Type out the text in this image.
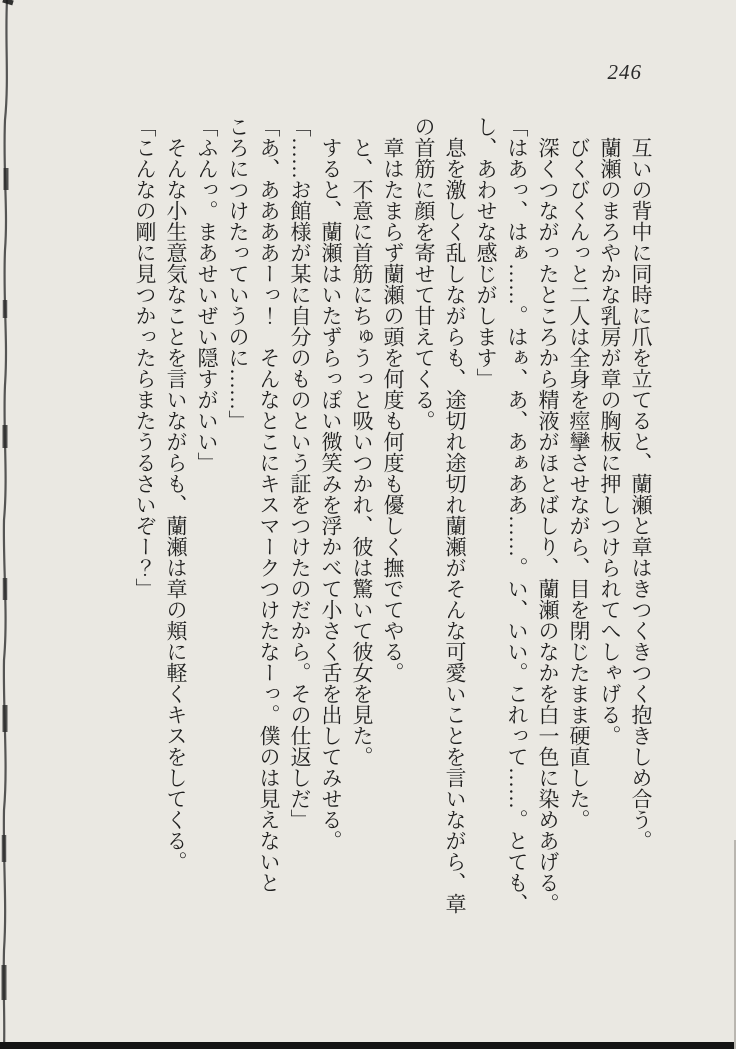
246

互いの背中に同時に爪を立てると、蘭瀬と章はきつくきつく抱きしめ合う。

蘭瀬のまろやかな乳房が章の胸板に押しつけられてへしゃげる。

びくびくんっと二人は全身を痙攣させながら、目を閉じたまま硬直した。

深くつながったところから精液がほとばしり、蘭瀬のなかを白一色に染めあげる。

「はあっ、はぁ……。はぁ、あ、あぁああ……。い、いい。これって……。とても、

し、あわせな感じがします」

息を激しく乱しながらも、途切れ途切れ蘭瀬がそんな可愛いことを言いながら、章

の首筋に顔を寄せて甘えてくる。

章はたまらず蘭瀬の頭を何度も何度も優しく撫でてやる。

と、不意に首筋にちゅうっと吸いつかれ、彼は驚いて彼女を見た。

すると、蘭瀬はいたずらっぽい微笑みを浮かべて小さく舌を出してみせる。

「……お館様が某に自分のものという証をつけたのだから。その仕返しだ」

「あ、ああああーっ！　そんなとこにキスマークつけたなーっ。僕のは見えないと

ころにつけたっていうのに……」

「ふんっ。まあせいぜい隠すがいい」

そんな小生意気なことを言いながらも、蘭瀬は章の頬に軽くキスをしてくる。

「こんなの剛に見つかったらまたうるさいぞー？」
